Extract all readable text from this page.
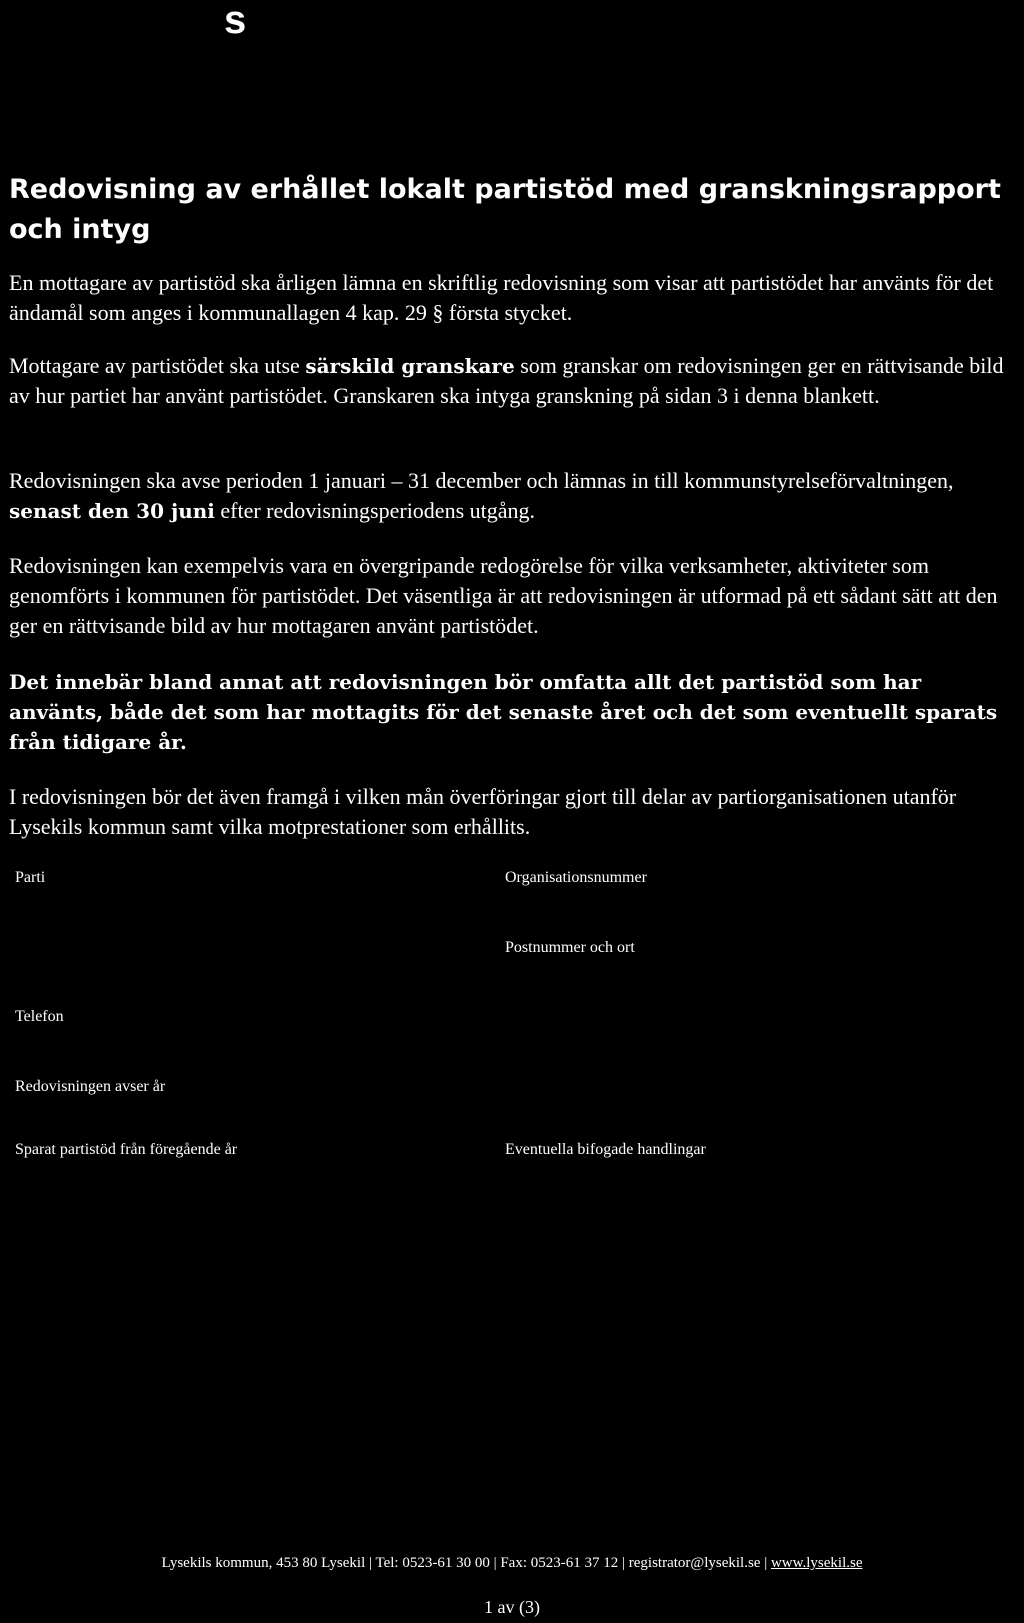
s
Redovisning av erhållet lokalt partistöd med granskningsrapport och intyg

En mottagare av partistöd ska årligen lämna en skriftlig redovisning som visar att partistödet har använts för det ändamål som anges i kommunallagen 4 kap. 29 § första stycket.

Mottagare av partistödet ska utse särskild granskare som granskar om redovisningen ger en rättvisande bild av hur partiet har använt partistödet. Granskaren ska intyga granskning på sidan 3 i denna blankett.

Redovisningen ska avse perioden 1 januari – 31 december och lämnas in till kommunstyrelseförvaltningen, senast den 30 juni efter redovisningsperiodens utgång.

Redovisningen kan exempelvis vara en övergripande redogörelse för vilka verksamheter, aktiviteter som genomförts i kommunen för partistödet. Det väsentliga är att redovisningen är utformad på ett sådant sätt att den ger en rättvisande bild av hur mottagaren använt partistödet.

Det innebär bland annat att redovisningen bör omfatta allt det partistöd som har använts, både det som har mottagits för det senaste året och det som eventuellt sparats från tidigare år.

I redovisningen bör det även framgå i vilken mån överföringar gjort till delar av partiorganisationen utanför Lysekils kommun samt vilka motprestationer som erhållits.

Parti	Organisationsnummer
Postnummer och ort
Telefon
Redovisningen avser år
Sparat partistöd från föregående år	Eventuella bifogade handlingar
Lysekils kommun, 453 80 Lysekil | Tel: 0523-61 30 00 | Fax: 0523-61 37 12 | registrator@lysekil.se | www.lysekil.se
1 av (3)
